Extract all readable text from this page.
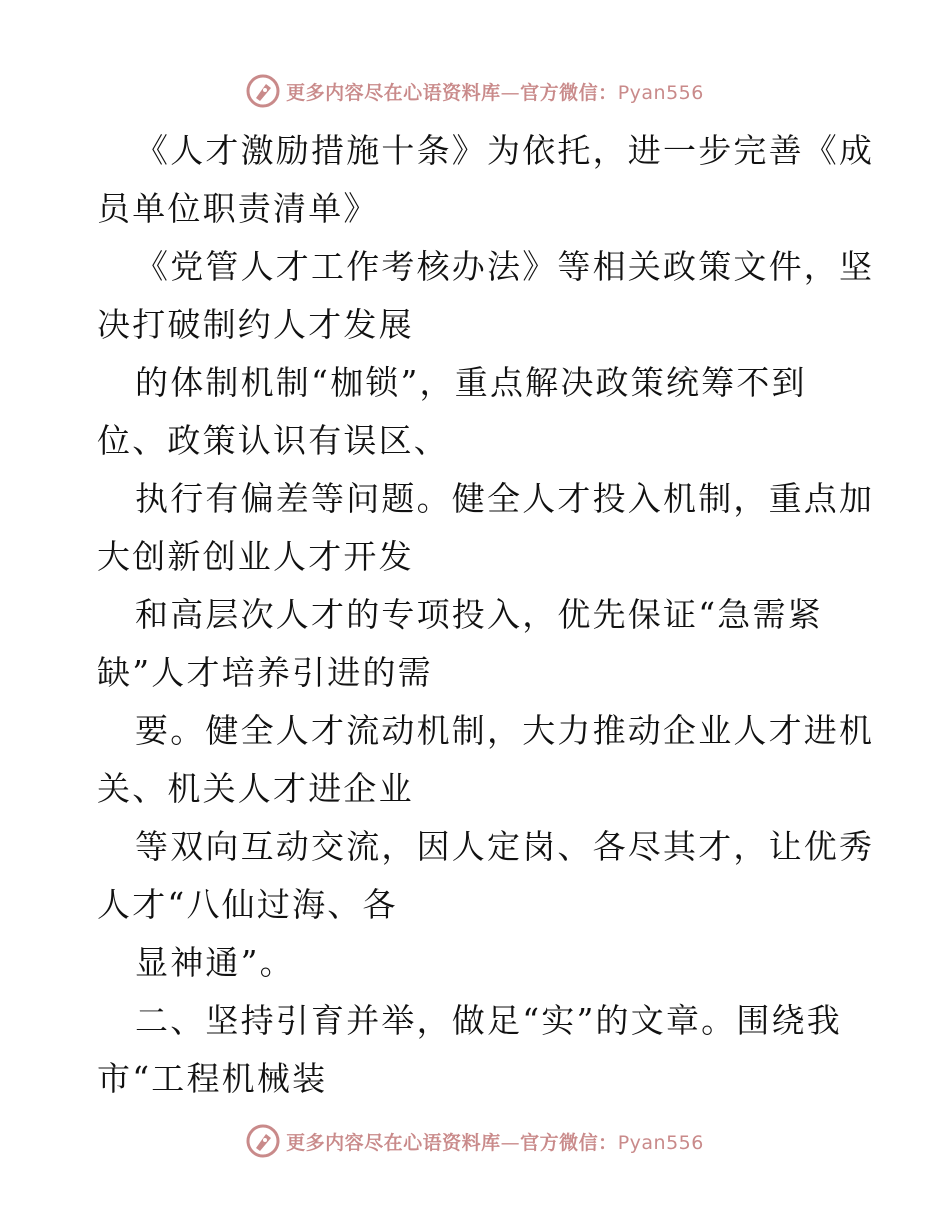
更多内容尽在心语资料库—官方微信：Pyan556
《人才激励措施十条》为依托，进一步完善《成
员单位职责清单》
《党管人才工作考核办法》等相关政策文件，坚
决打破制约人才发展
的体制机制“枷锁”，重点解决政策统筹不到
位、政策认识有误区、
执行有偏差等问题。健全人才投入机制，重点加
大创新创业人才开发
和高层次人才的专项投入，优先保证“急需紧
缺”人才培养引进的需
要。健全人才流动机制，大力推动企业人才进机
关、机关人才进企业
等双向互动交流，因人定岗、各尽其才，让优秀
人才“八仙过海、各
显神通”。
二、坚持引育并举，做足“实”的文章。围绕我
市“工程机械装
更多内容尽在心语资料库—官方微信：Pyan556
